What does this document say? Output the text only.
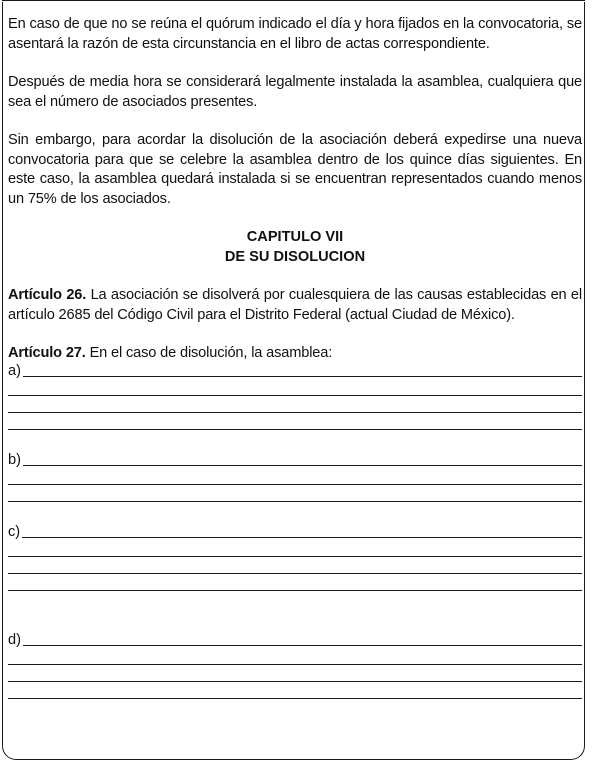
En caso de que no se reúna el quórum indicado el día y hora fijados en la convocatoria, se asentará la razón de esta circunstancia en el libro de actas correspondiente.

Después de media hora se considerará legalmente instalada la asamblea, cualquiera que sea el número de asociados presentes.

Sin embargo, para acordar la disolución de la asociación deberá expedirse una nueva convocatoria para que se celebre la asamblea dentro de los quince días siguientes. En este caso, la asamblea quedará instalada si se encuentran representados cuando menos un 75% de los asociados.

CAPITULO VII

DE SU DISOLUCION

Artículo 26. La asociación se disolverá por cualesquiera de las causas establecidas en el artículo 2685 del Código Civil para el Distrito Federal (actual Ciudad de México).

Artículo 27. En el caso de disolución, la asamblea:

a)
b)
c)
d)
